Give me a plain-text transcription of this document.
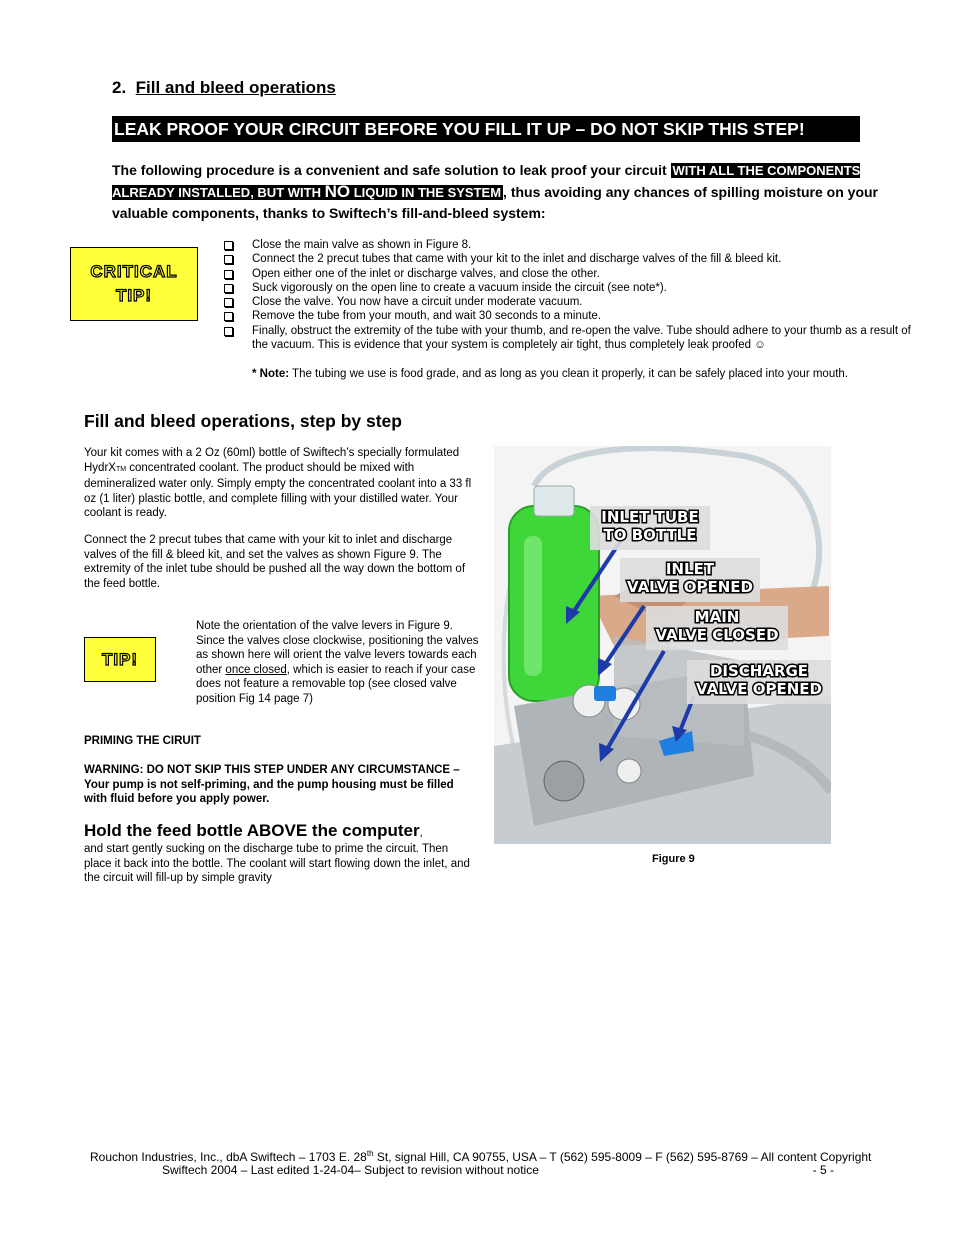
2. Fill and bleed operations
LEAK PROOF YOUR CIRCUIT BEFORE YOU FILL IT UP – DO NOT SKIP THIS STEP!
The following procedure is a convenient and safe solution to leak proof your circuit WITH ALL THE COMPONENTS ALREADY INSTALLED, BUT WITH NO LIQUID IN THE SYSTEM , thus avoiding any chances of spilling moisture on your valuable components, thanks to Swiftech’s fill-and-bleed system:
CRITICAL
TIP!
Close the main valve as shown in Figure 8.
Connect the 2 precut tubes that came with your kit to the inlet and discharge valves of the fill & bleed kit.
Open either one of the inlet or discharge valves, and close the other.
Suck vigorously on the open line to create a vacuum inside the circuit (see note*).
Close the valve. You now have a circuit under moderate vacuum.
Remove the tube from your mouth, and wait 30 seconds to a minute.
Finally, obstruct the extremity of the tube with your thumb, and re-open the valve. Tube should adhere to your thumb as a result of the vacuum. This is evidence that your system is completely air tight, thus completely leak proofed ☺
* Note: The tubing we use is food grade, and as long as you clean it properly, it can be safely placed into your mouth.
Fill and bleed operations, step by step
Your kit comes with a 2 Oz (60ml) bottle of Swiftech’s specially formulated HydrXTM concentrated coolant. The product should be mixed with demineralized water only. Simply empty the concentrated coolant into a 33 fl oz (1 liter) plastic bottle, and complete filling with your distilled water. Your coolant is ready.
Connect the 2 precut tubes that came with your kit to inlet and discharge valves of the fill & bleed kit, and set the valves as shown Figure 9. The extremity of the inlet tube should be pushed all the way down the bottom of the feed bottle.
TIP!
Note the orientation of the valve levers in Figure 9. Since the valves close clockwise, positioning the valves as shown here will orient the valve levers towards each other once closed, which is easier to reach if your case does not feature a removable top (see closed valve position Fig 14 page 7)
PRIMING THE CIRUIT
WARNING: DO NOT SKIP THIS STEP UNDER ANY CIRCUMSTANCE – Your pump is not self-priming, and the pump housing must be filled with fluid before you apply power.
Hold the feed bottle ABOVE the computer,
and start gently sucking on the discharge tube to prime the circuit. Then place it back into the bottle. The coolant will start flowing down the inlet, and the circuit will fill-up by simple gravity
INLET TUBE
TO BOTTLE
INLET
VALVE OPENED
MAIN
VALVE CLOSED
DISCHARGE
VALVE OPENED
Figure 9
Rouchon Industries, Inc., dbA Swiftech – 1703 E. 28th St, signal Hill, CA 90755, USA – T (562) 595-8009 – F (562) 595-8769 – All content Copyright
Swiftech 2004 – Last edited 1-24-04– Subject to revision without notice	- 5 -
